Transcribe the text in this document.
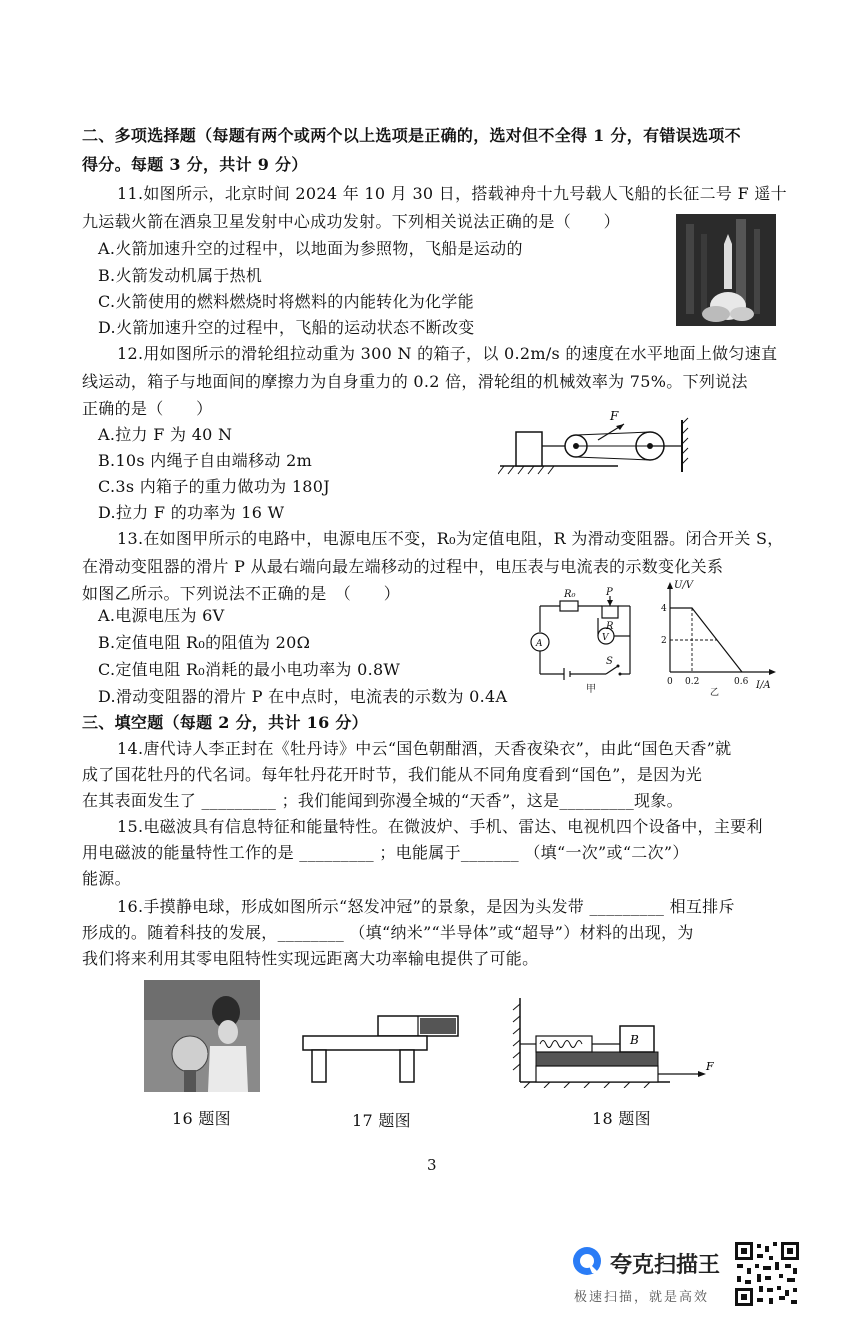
二、多项选择题（每题有两个或两个以上选项是正确的，选对但不全得 1 分，有错误选项不
得分。每题 3 分，共计 9 分）
11.如图所示，北京时间 2024 年 10 月 30 日，搭载神舟十九号载人飞船的长征二号 F 遥十
九运载火箭在酒泉卫星发射中心成功发射。下列相关说法正确的是（　　）
A.火箭加速升空的过程中，以地面为参照物，飞船是运动的
B.火箭发动机属于热机
C.火箭使用的燃料燃烧时将燃料的内能转化为化学能
D.火箭加速升空的过程中，飞船的运动状态不断改变
12.用如图所示的滑轮组拉动重为 300 N 的箱子，以 0.2m/s 的速度在水平地面上做匀速直
线运动，箱子与地面间的摩擦力为自身重力的 0.2 倍，滑轮组的机械效率为 75%。下列说法
正确的是（　　）
A.拉力 F 为 40 N
B.10s 内绳子自由端移动 2m
C.3s 内箱子的重力做功为 180J
D.拉力 F 的功率为 16 W
F
13.在如图甲所示的电路中，电源电压不变，R₀为定值电阻，R 为滑动变阻器。闭合开关 S，
在滑动变阻器的滑片 P 从最右端向最左端移动的过程中，电压表与电流表的示数变化关系
如图乙所示。下列说法不正确的是　（　　）
A.电源电压为 6V
B.定值电阻 R₀的阻值为 20Ω
C.定值电阻 R₀消耗的最小电功率为 0.8W
D.滑动变阻器的滑片 P 在中点时，电流表的示数为 0.4A
R₀	P
R
V
A
S
甲
U/V
I/A
4
2
0 0.2	0.6
乙
三、填空题（每题 2 分，共计 16 分）
14.唐代诗人李正封在《牡丹诗》中云“国色朝酣酒，天香夜染衣”，由此“国色天香”就
成了国花牡丹的代名词。每年牡丹花开时节，我们能从不同角度看到“国色”，是因为光
在其表面发生了 _________ ；我们能闻到弥漫全城的“天香”，这是_________现象。
15.电磁波具有信息特征和能量特性。在微波炉、手机、雷达、电视机四个设备中，主要利
用电磁波的能量特性工作的是 _________ ；电能属于_______ （填“一次”或“二次”）
能源。
16.手摸静电球，形成如图所示“怒发冲冠”的景象，是因为头发带 _________ 相互排斥
形成的。随着科技的发展，________ （填“纳米”“半导体”或“超导”）材料的出现，为
我们将来利用其零电阻特性实现远距离大功率输电提供了可能。
B
F
16 题图	17 题图	18 题图
3
夸克扫描王
极速扫描，就是高效
